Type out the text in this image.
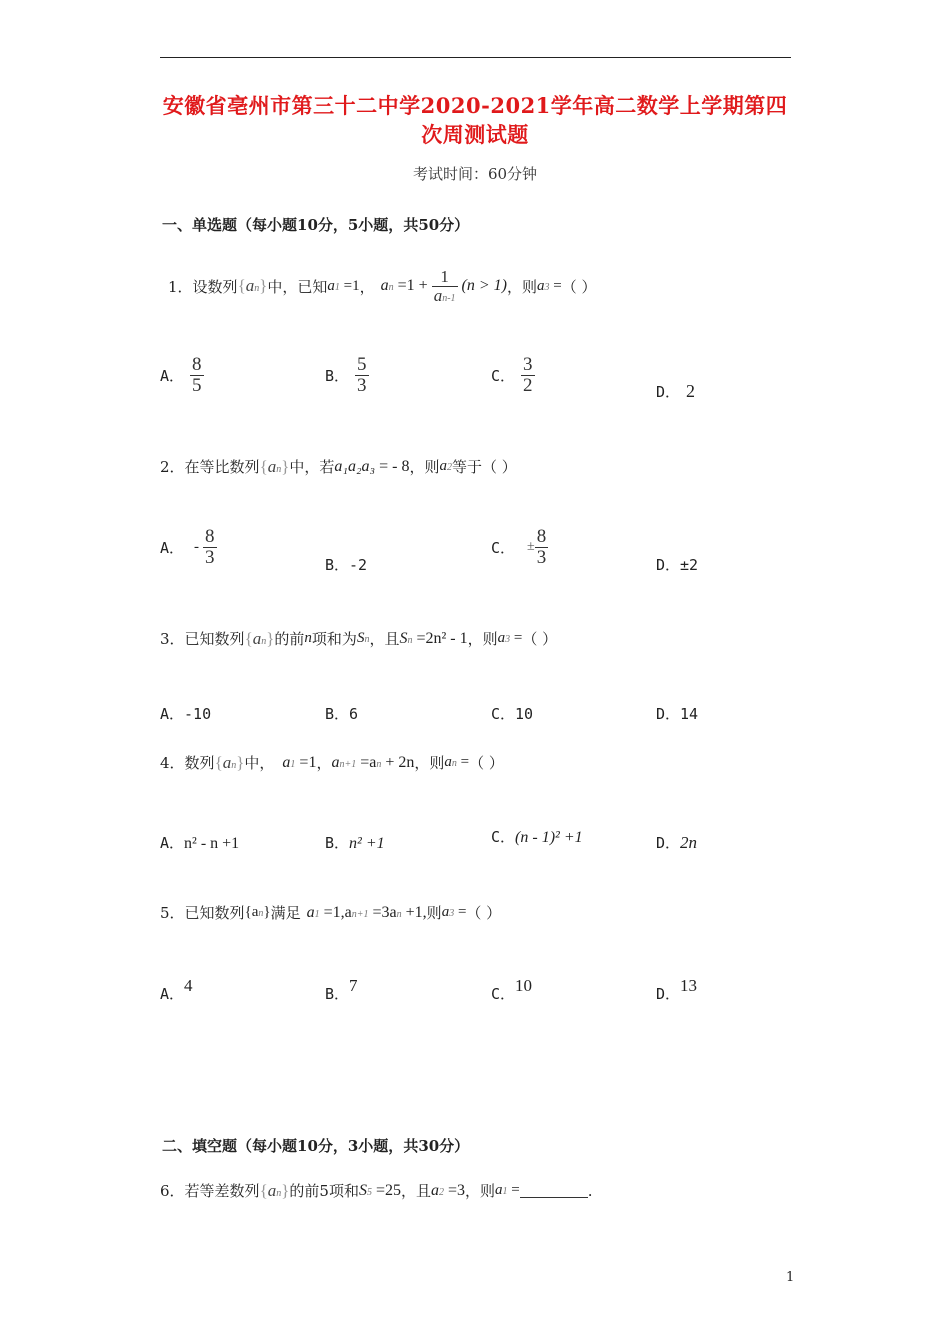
安徽省亳州市第三十二中学2020-2021学年高二数学上学期第四
次周测试题
考试时间：60分钟
一、单选题（每小题10分，5小题，共50分）
1． 设数列 {an} 中，已知 a1 =1 ， an $=1 + \frac{1}{an-1} (n > 1)$ ，则 a3 = （ ）
A． $\frac{8}{5}$	B． $\frac{5}{3}$	C． $\frac{3}{2}$	D． 2
2． 在等比数列 {an} 中，若 a₁a₂a₃ = - 8 ，则 a2 等于（ ）
A． - $\frac{8}{3}$	B．-2
C． ± $\frac{8}{3}$	D．±2
3． 已知数列 {an} 的前 n 项和为 Sn ，且 Sn =2n² - 1 ，则 a3 = （ ）
A．-10	B．6	C．10	D．14
4． 数列 {an} 中， a1 =1 ， an+1 =an + 2n ，则 an = （ ）
A．n² - n +1	B．n² +1	C．(n - 1)² +1	D．2n
5． 已知数列 {an} 满足 a1 =1,an+1 =3an +1, 则 a3 = （ ）
A．4	B．7	C．10	D．13
二、填空题（每小题10分，3小题，共30分）
6． 若等差数列 {an} 的前5项和 S5 =25 ，且 a2 =3 ，则 a1 =	.
1
